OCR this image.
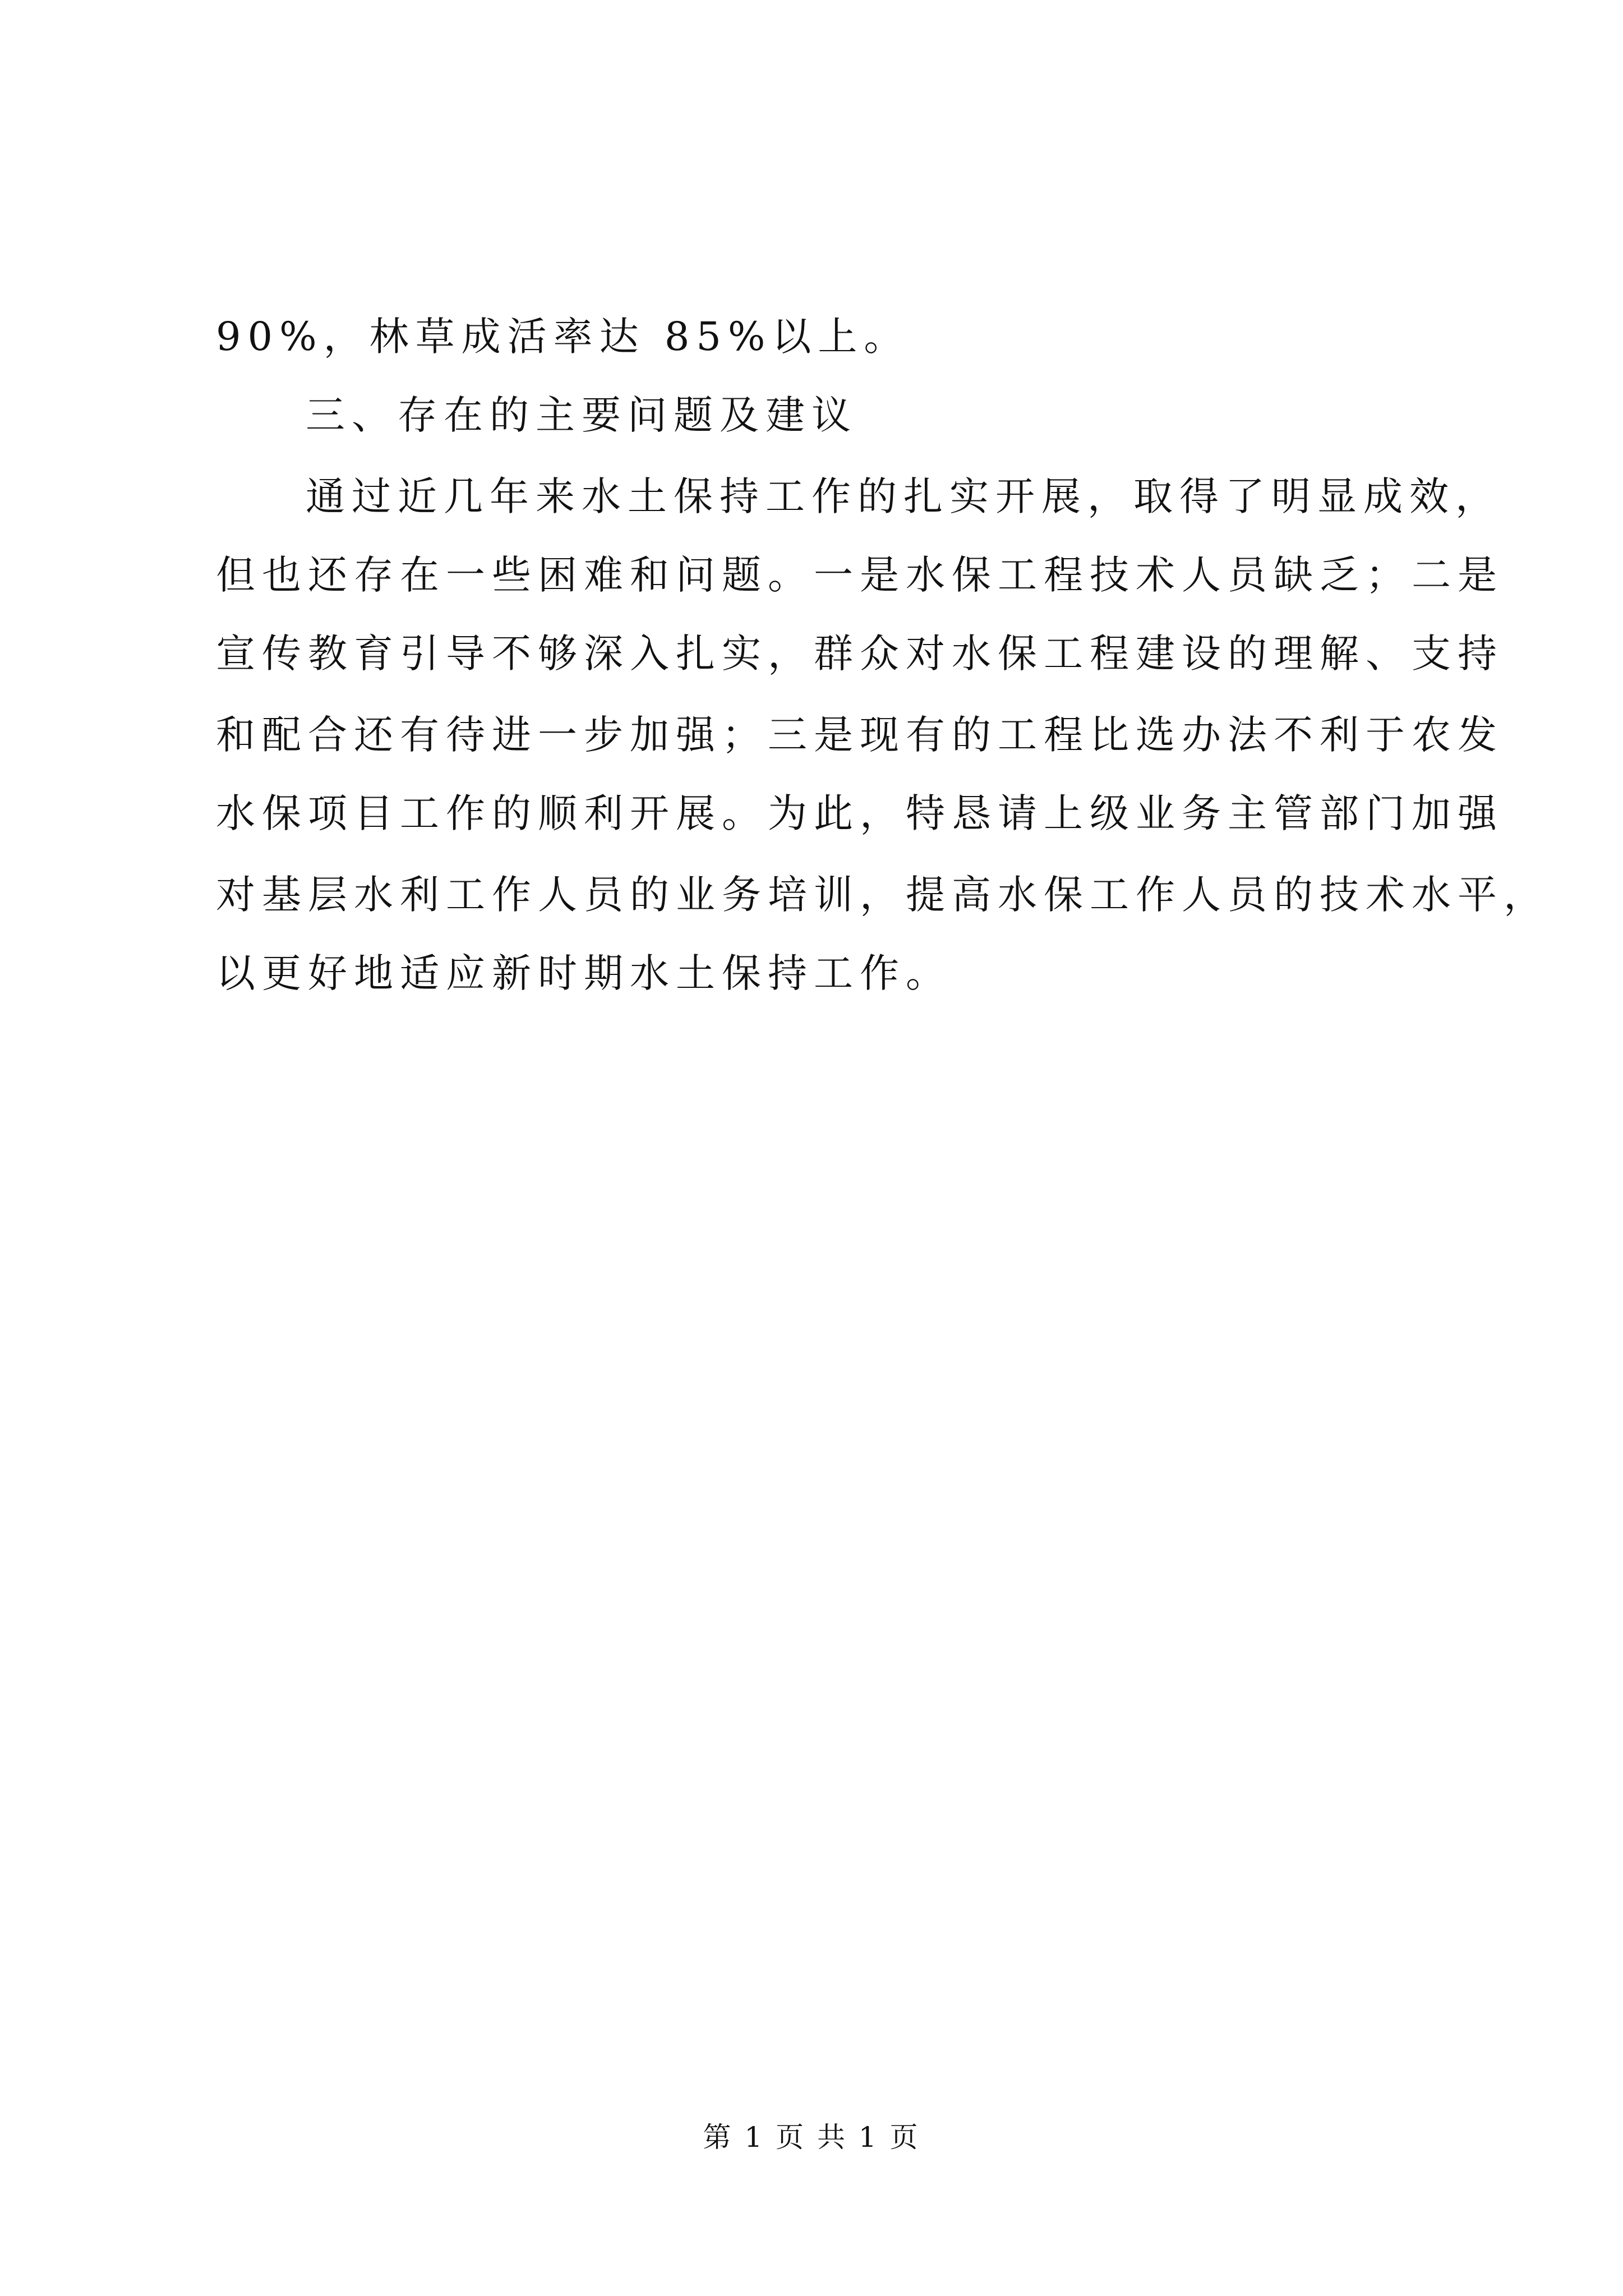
90%，林草成活率达 85%以上。
三、存在的主要问题及建议
通过近几年来水土保持工作的扎实开展，取得了明显成效，
但也还存在一些困难和问题。一是水保工程技术人员缺乏；二是
宣传教育引导不够深入扎实，群众对水保工程建设的理解、支持
和配合还有待进一步加强；三是现有的工程比选办法不利于农发
水保项目工作的顺利开展。为此，特恳请上级业务主管部门加强
对基层水利工作人员的业务培训，提高水保工作人员的技术水平，
以更好地适应新时期水土保持工作。
第 1 页 共 1 页
